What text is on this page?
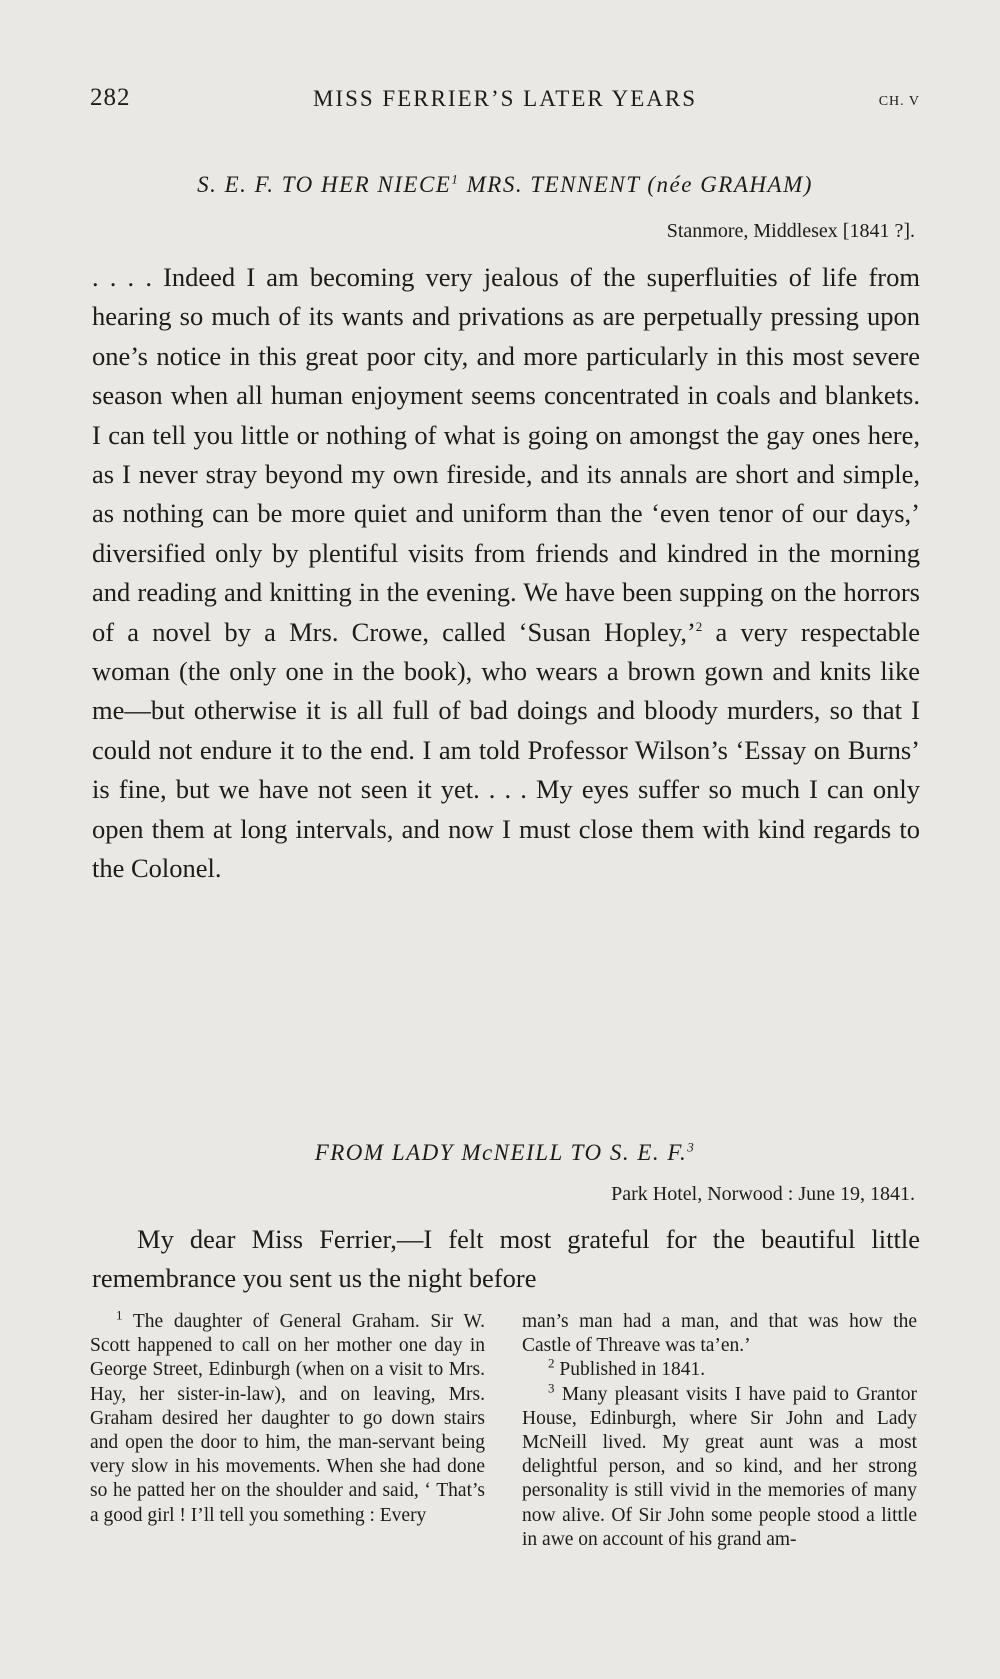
282	MISS FERRIER’S LATER YEARS	CH. V
S. E. F. TO HER NIECE$^1$ MRS. TENNENT (née GRAHAM)
Stanmore, Middlesex [1841 ?].

. . . . Indeed I am becoming very jealous of the superfluities of life from hearing so much of its wants and privations as are perpetually pressing upon one’s notice in this great poor city, and more particularly in this most severe season when all human enjoyment seems concentrated in coals and blankets. I can tell you little or nothing of what is going on amongst the gay ones here, as I never stray beyond my own fireside, and its annals are short and simple, as nothing can be more quiet and uniform than the ‘even tenor of our days,’ diversified only by plentiful visits from friends and kindred in the morning and reading and knitting in the evening. We have been supping on the horrors of a novel by a Mrs. Crowe, called ‘Susan Hopley,’$^2$ a very respectable woman (the only one in the book), who wears a brown gown and knits like me—but otherwise it is all full of bad doings and bloody murders, so that I could not endure it to the end. I am told Professor Wilson’s ‘Essay on Burns’ is fine, but we have not seen it yet. . . . My eyes suffer so much I can only open them at long intervals, and now I must close them with kind regards to the Colonel.

FROM LADY McNEILL TO S. E. F.$^3$
Park Hotel, Norwood : June 19, 1841.

My dear Miss Ferrier,—I felt most grateful for the beautiful little remembrance you sent us the night before

$^1$ The daughter of General Graham. Sir W. Scott happened to call on her mother one day in George Street, Edinburgh (when on a visit to Mrs. Hay, her sister-in-law), and on leaving, Mrs. Graham desired her daughter to go down stairs and open the door to him, the man-servant being very slow in his movements. When she had done so he patted her on the shoulder and said, ‘ That’s a good girl ! I’ll tell you something : Every

man’s man had a man, and that was how the Castle of Threave was ta’en.’

$^2$ Published in 1841.

$^3$ Many pleasant visits I have paid to Grantor House, Edinburgh, where Sir John and Lady McNeill lived. My great aunt was a most delightful person, and so kind, and her strong personality is still vivid in the memories of many now alive. Of Sir John some people stood a little in awe on account of his grand am-
